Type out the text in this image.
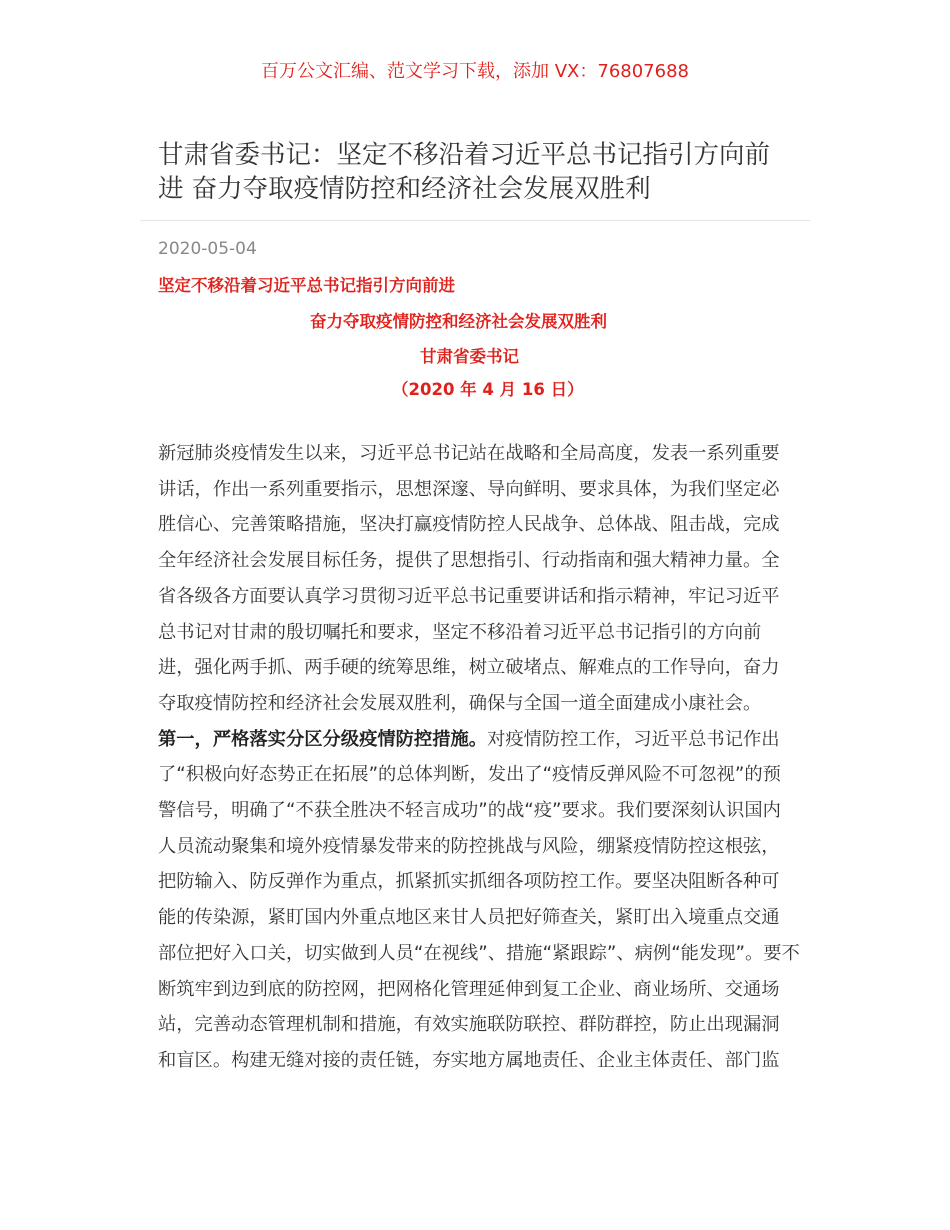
百万公文汇编、范文学习下载，添加 VX：76807688
甘肃省委书记：坚定不移沿着习近平总书记指引方向前
进 奋力夺取疫情防控和经济社会发展双胜利
2020-05-04
坚定不移沿着习近平总书记指引方向前进
奋力夺取疫情防控和经济社会发展双胜利
甘肃省委书记
（2020 年 4 月 16 日）
新冠肺炎疫情发生以来，习近平总书记站在战略和全局高度，发表一系列重要
讲话，作出一系列重要指示，思想深邃、导向鲜明、要求具体，为我们坚定必
胜信心、完善策略措施，坚决打赢疫情防控人民战争、总体战、阻击战，完成
全年经济社会发展目标任务，提供了思想指引、行动指南和强大精神力量。全
省各级各方面要认真学习贯彻习近平总书记重要讲话和指示精神，牢记习近平
总书记对甘肃的殷切嘱托和要求，坚定不移沿着习近平总书记指引的方向前
进，强化两手抓、两手硬的统筹思维，树立破堵点、解难点的工作导向，奋力
夺取疫情防控和经济社会发展双胜利，确保与全国一道全面建成小康社会。
第一，严格落实分区分级疫情防控措施。对疫情防控工作，习近平总书记作出
了“积极向好态势正在拓展”的总体判断，发出了“疫情反弹风险不可忽视”的预
警信号，明确了“不获全胜决不轻言成功”的战“疫”要求。我们要深刻认识国内
人员流动聚集和境外疫情暴发带来的防控挑战与风险，绷紧疫情防控这根弦，
把防输入、防反弹作为重点，抓紧抓实抓细各项防控工作。要坚决阻断各种可
能的传染源，紧盯国内外重点地区来甘人员把好筛查关，紧盯出入境重点交通
部位把好入口关，切实做到人员“在视线”、措施“紧跟踪”、病例“能发现”。要不
断筑牢到边到底的防控网，把网格化管理延伸到复工企业、商业场所、交通场
站，完善动态管理机制和措施，有效实施联防联控、群防群控，防止出现漏洞
和盲区。构建无缝对接的责任链，夯实地方属地责任、企业主体责任、部门监
